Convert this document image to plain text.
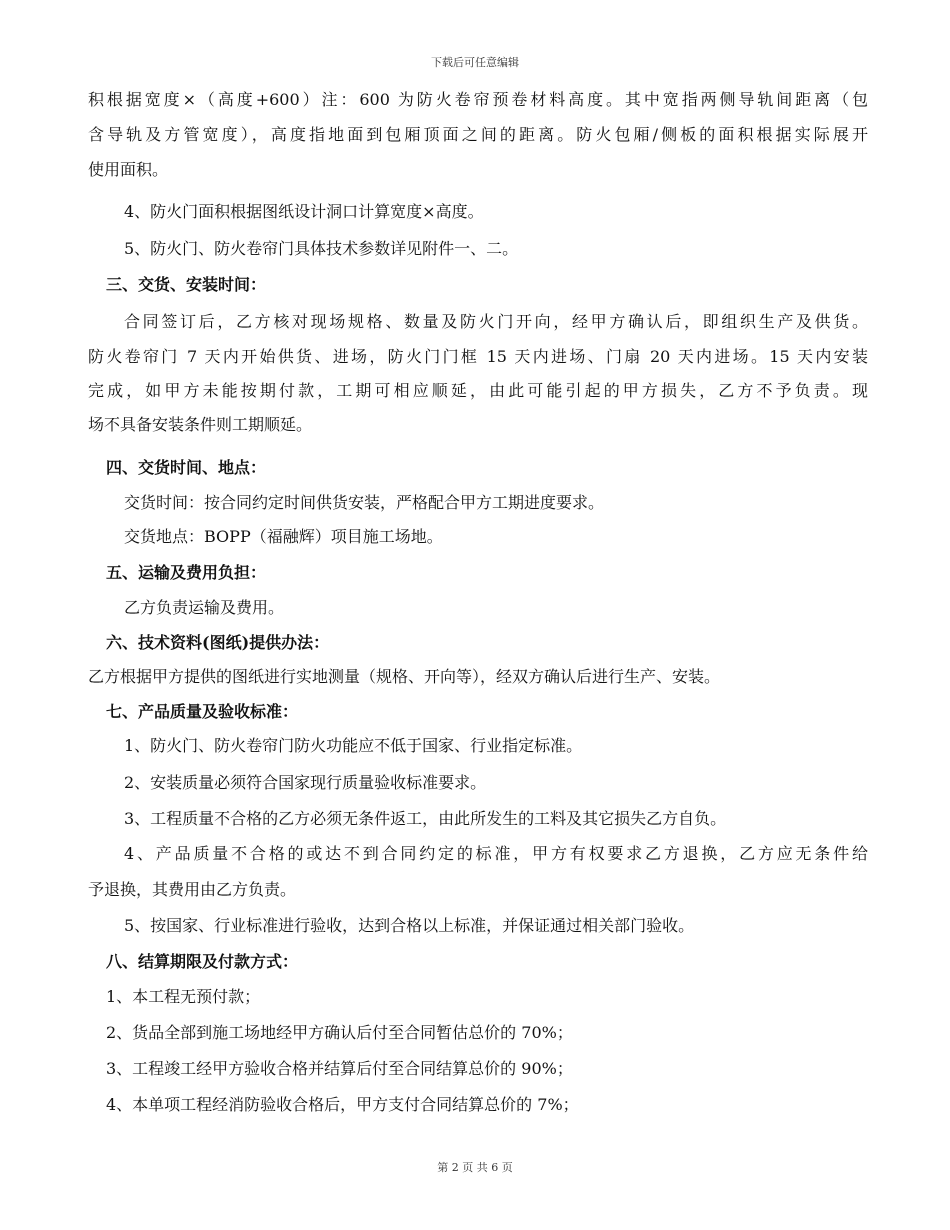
下载后可任意编辑
积根据宽度×（高度+600）注：600 为防火卷帘预卷材料高度。其中宽指两侧导轨间距离（包
含导轨及方管宽度），高度指地面到包厢顶面之间的距离。防火包厢/侧板的面积根据实际展开
使用面积。
4、防火门面积根据图纸设计洞口计算宽度×高度。
5、防火门、防火卷帘门具体技术参数详见附件一、二。
三、交货、安装时间：
合同签订后，乙方核对现场规格、数量及防火门开向，经甲方确认后，即组织生产及供货。
防火卷帘门 7 天内开始供货、进场，防火门门框 15 天内进场、门扇 20 天内进场。15 天内安装
完成，如甲方未能按期付款，工期可相应顺延，由此可能引起的甲方损失，乙方不予负责。现
场不具备安装条件则工期顺延。
四、交货时间、地点：
交货时间：按合同约定时间供货安装，严格配合甲方工期进度要求。
交货地点：BOPP（福融辉）项目施工场地。
五、运输及费用负担：
乙方负责运输及费用。
六、技术资料(图纸)提供办法：
乙方根据甲方提供的图纸进行实地测量（规格、开向等），经双方确认后进行生产、安装。
七、产品质量及验收标准：
1、防火门、防火卷帘门防火功能应不低于国家、行业指定标准。
2、安装质量必须符合国家现行质量验收标准要求。
3、工程质量不合格的乙方必须无条件返工，由此所发生的工料及其它损失乙方自负。
4、产品质量不合格的或达不到合同约定的标准，甲方有权要求乙方退换，乙方应无条件给
予退换，其费用由乙方负责。
5、按国家、行业标准进行验收，达到合格以上标准，并保证通过相关部门验收。
八、结算期限及付款方式：
1、本工程无预付款；
2、货品全部到施工场地经甲方确认后付至合同暂估总价的 70%；
3、工程竣工经甲方验收合格并结算后付至合同结算总价的 90%；
4、本单项工程经消防验收合格后，甲方支付合同结算总价的 7%；
第 2 页 共 6 页
